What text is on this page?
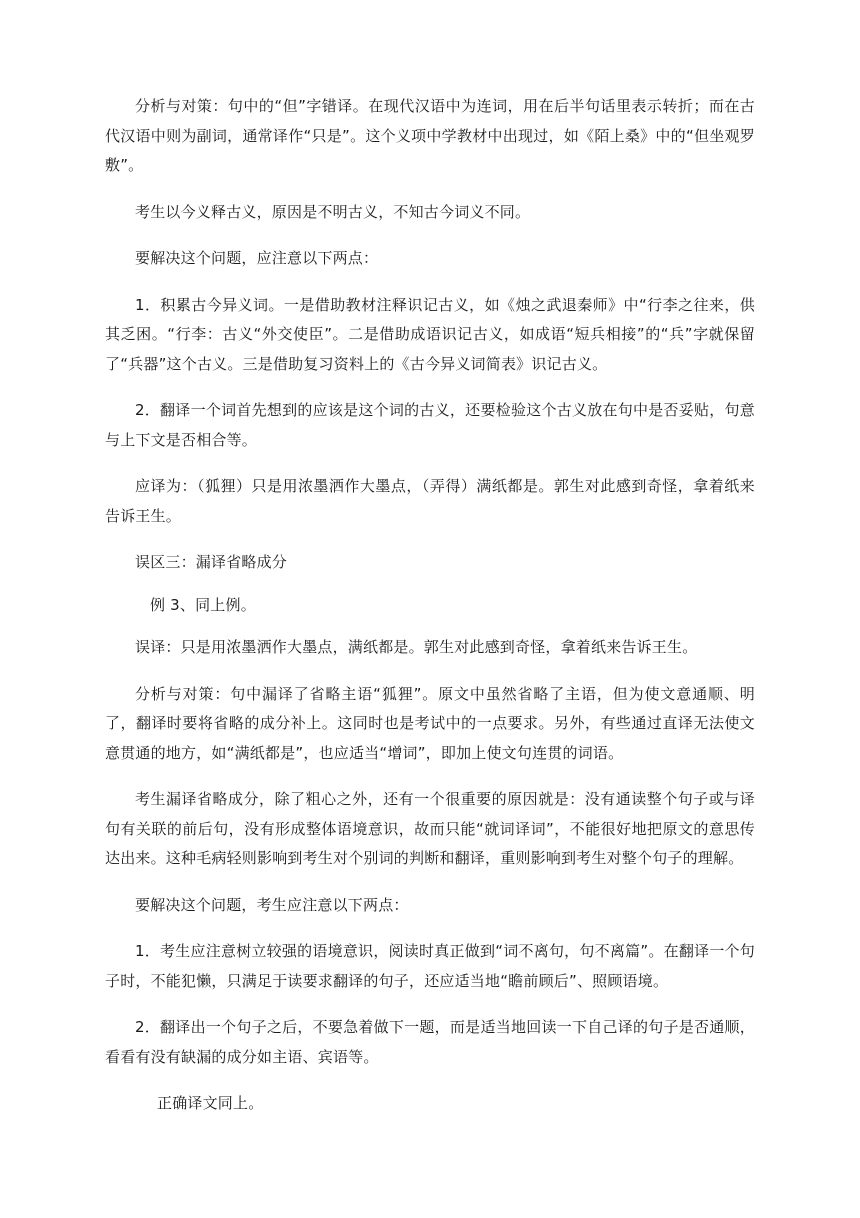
分析与对策：句中的“但”字错译。在现代汉语中为连词，用在后半句话里表示转折；而在古代汉语中则为副词，通常译作“只是”。这个义项中学教材中出现过，如《陌上桑》中的“但坐观罗敷”。

考生以今义释古义，原因是不明古义，不知古今词义不同。

要解决这个问题，应注意以下两点：

1．积累古今异义词。一是借助教材注释识记古义，如《烛之武退秦师》中“行李之往来，供其乏困。“行李：古义“外交使臣”。二是借助成语识记古义，如成语“短兵相接”的“兵”字就保留了“兵器”这个古义。三是借助复习资料上的《古今异义词简表》识记古义。

2．翻译一个词首先想到的应该是这个词的古义，还要检验这个古义放在句中是否妥贴，句意与上下文是否相合等。

应译为：（狐狸）只是用浓墨洒作大墨点，（弄得）满纸都是。郭生对此感到奇怪，拿着纸来告诉王生。

误区三：漏译省略成分

例 3、同上例。

误译：只是用浓墨洒作大墨点，满纸都是。郭生对此感到奇怪，拿着纸来告诉王生。

分析与对策：句中漏译了省略主语“狐狸”。原文中虽然省略了主语，但为使文意通顺、明了，翻译时要将省略的成分补上。这同时也是考试中的一点要求。另外，有些通过直译无法使文意贯通的地方，如“满纸都是”，也应适当“增词”，即加上使文句连贯的词语。

考生漏译省略成分，除了粗心之外，还有一个很重要的原因就是：没有通读整个句子或与译句有关联的前后句，没有形成整体语境意识，故而只能“就词译词”，不能很好地把原文的意思传达出来。这种毛病轻则影响到考生对个别词的判断和翻译，重则影响到考生对整个句子的理解。

要解决这个问题，考生应注意以下两点：

1．考生应注意树立较强的语境意识，阅读时真正做到“词不离句，句不离篇”。在翻译一个句子时，不能犯懒，只满足于读要求翻译的句子，还应适当地“瞻前顾后”、照顾语境。

2．翻译出一个句子之后，不要急着做下一题，而是适当地回读一下自己译的句子是否通顺，看看有没有缺漏的成分如主语、宾语等。

正确译文同上。
